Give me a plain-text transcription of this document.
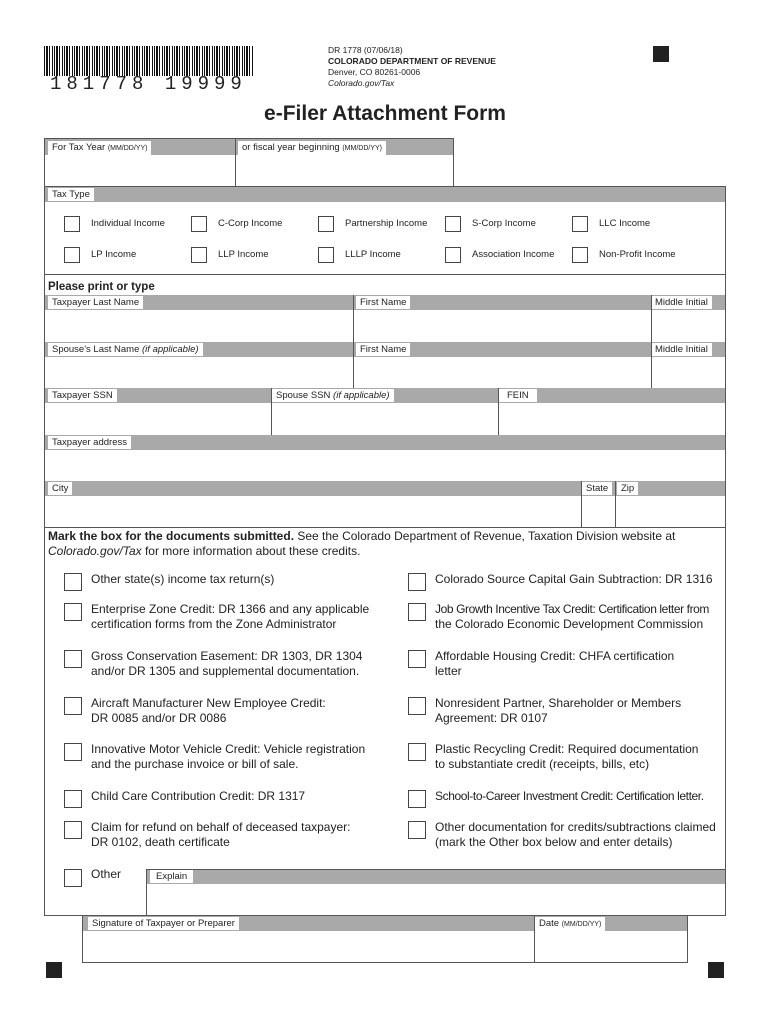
181778 19999
DR 1778 (07/06/18)
COLORADO DEPARTMENT OF REVENUE
Denver, CO 80261-0006
Colorado.gov/Tax
e-Filer Attachment Form
For Tax Year (MM/DD/YY)	or fiscal year beginning (MM/DD/YY)
Tax Type
Individual Income	C-Corp Income	Partnership Income	S-Corp Income	LLC Income
LP Income	LLP Income	LLLP Income	Association Income	Non-Profit Income
Please print or type
Taxpayer Last Name	First Name	Middle Initial
Spouse's Last Name (if applicable)	First Name	Middle Initial
Taxpayer SSN	Spouse SSN (if applicable)	FEIN
Taxpayer address
City	State	Zip
Mark the box for the documents submitted. See the Colorado Department of Revenue, Taxation Division website at
Colorado.gov/Tax for more information about these credits.
Other state(s) income tax return(s)
Enterprise Zone Credit: DR 1366 and any applicable
certification forms from the Zone Administrator
Gross Conservation Easement: DR 1303, DR 1304
and/or DR 1305 and supplemental documentation.
Aircraft Manufacturer New Employee Credit:
DR 0085 and/or DR 0086
Innovative Motor Vehicle Credit: Vehicle registration
and the purchase invoice or bill of sale.
Child Care Contribution Credit: DR 1317
Claim for refund on behalf of deceased taxpayer:
DR 0102, death certificate
Colorado Source Capital Gain Subtraction: DR 1316
Job Growth Incentive Tax Credit: Certification letter from
the Colorado Economic Development Commission
Affordable Housing Credit: CHFA certification
letter
Nonresident Partner, Shareholder or Members
Agreement: DR 0107
Plastic Recycling Credit: Required documentation
to substantiate credit (receipts, bills, etc)
School-to-Career Investment Credit: Certification letter.
Other documentation for credits/subtractions claimed
(mark the Other box below and enter details)
Other	Explain
Signature of Taxpayer or Preparer	Date (MM/DD/YY)
